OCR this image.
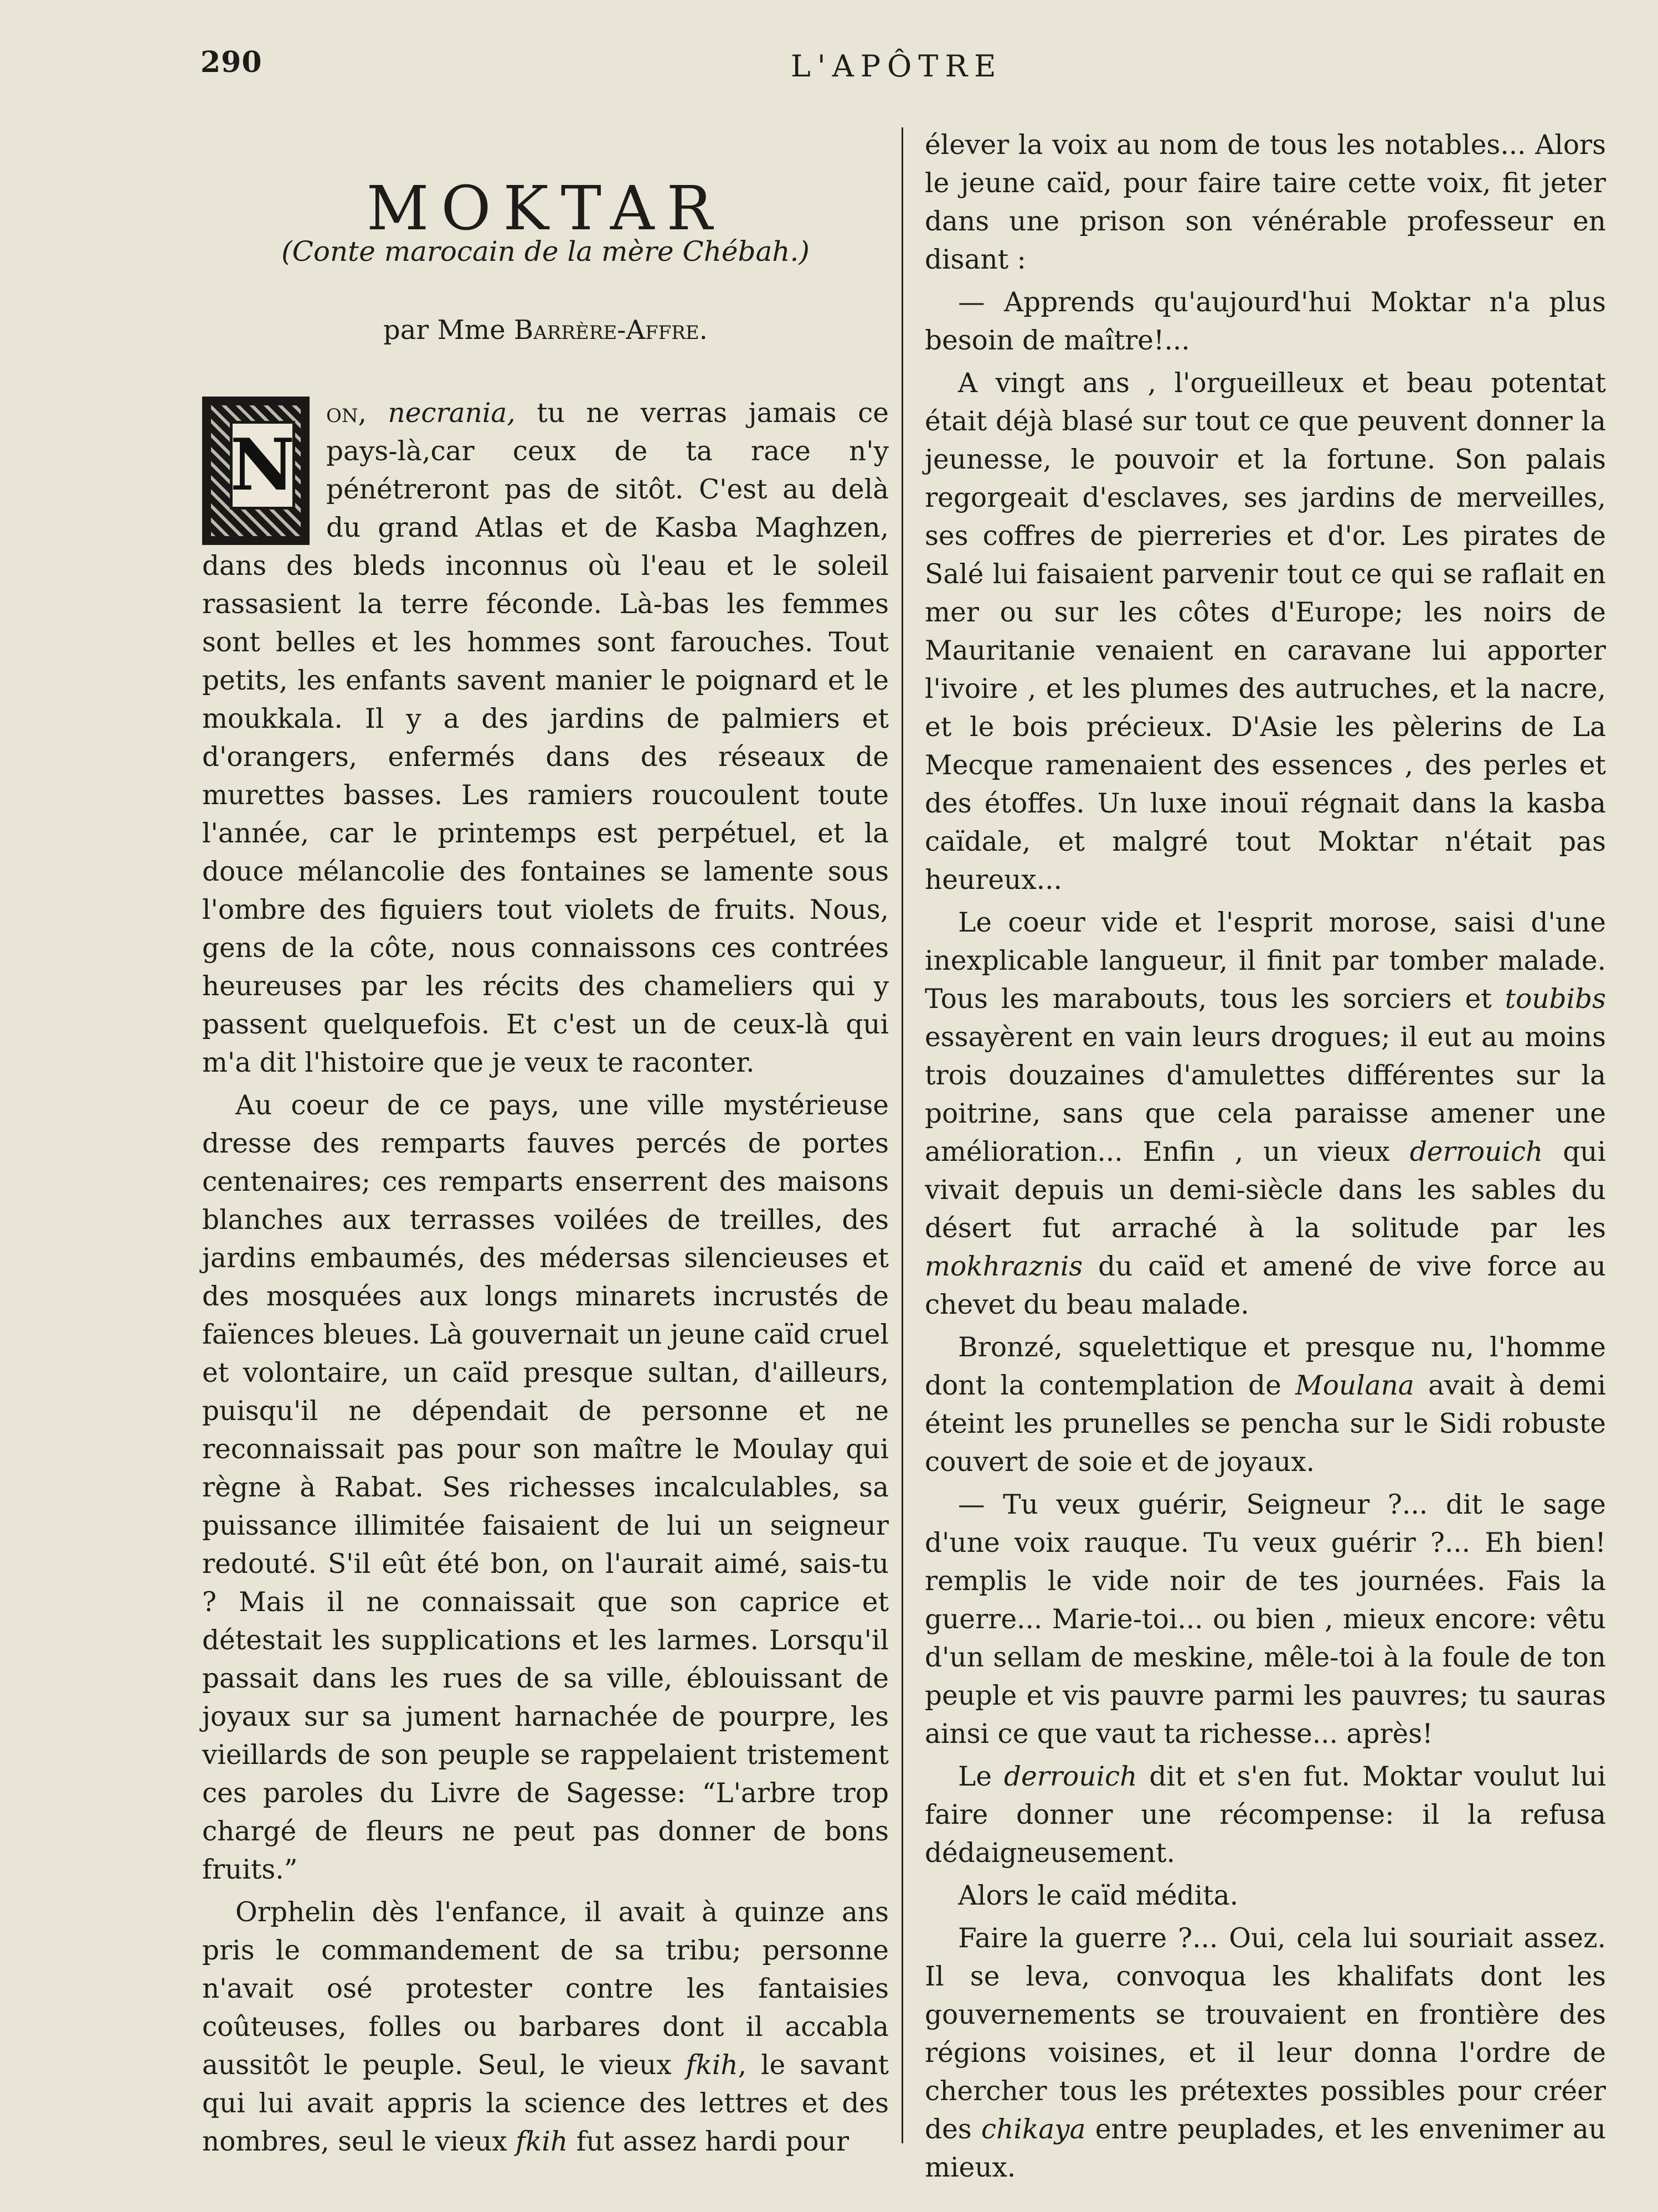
290	L'APÔTRE
MOKTAR
(Conte marocain de la mère Chébah.)
par Mme Barrère-Affre.

N
on, necrania, tu ne verras jamais ce pays-là,car ceux de ta race n'y pénétreront pas de sitôt. C'est au delà du grand Atlas et de Kasba Maghzen, dans des bleds inconnus où l'eau et le soleil rassasient la terre féconde. Là-bas les femmes sont belles et les hommes sont farouches. Tout petits, les enfants savent manier le poignard et le moukkala. Il y a des jardins de palmiers et d'orangers, enfermés dans des réseaux de murettes basses. Les ramiers roucoulent toute l'année, car le printemps est perpétuel, et la douce mélancolie des fontaines se lamente sous l'ombre des figuiers tout violets de fruits. Nous, gens de la côte, nous connaissons ces contrées heureuses par les récits des chameliers qui y passent quelquefois. Et c'est un de ceux-là qui m'a dit l'histoire que je veux te raconter.

Au coeur de ce pays, une ville mystérieuse dresse des remparts fauves percés de portes centenaires; ces remparts enserrent des maisons blanches aux terrasses voilées de treilles, des jardins embaumés, des médersas silencieuses et des mosquées aux longs minarets incrustés de faïences bleues. Là gouvernait un jeune caïd cruel et volontaire, un caïd presque sultan, d'ailleurs, puisqu'il ne dépendait de personne et ne reconnaissait pas pour son maître le Moulay qui règne à Rabat. Ses richesses incalculables, sa puissance illimitée faisaient de lui un seigneur redouté. S'il eût été bon, on l'aurait aimé, sais-tu ? Mais il ne connaissait que son caprice et détestait les supplications et les larmes. Lorsqu'il passait dans les rues de sa ville, éblouissant de joyaux sur sa jument harnachée de pourpre, les vieillards de son peuple se rappelaient tristement ces paroles du Livre de Sagesse: “L'arbre trop chargé de fleurs ne peut pas donner de bons fruits.”

Orphelin dès l'enfance, il avait à quinze ans pris le commandement de sa tribu; personne n'avait osé protester contre les fantaisies coûteuses, folles ou barbares dont il accabla aussitôt le peuple. Seul, le vieux fkih, le savant qui lui avait appris la science des lettres et des nombres, seul le vieux fkih fut assez hardi pour

élever la voix au nom de tous les notables... Alors le jeune caïd, pour faire taire cette voix, fit jeter dans une prison son vénérable professeur en disant :

— Apprends qu'aujourd'hui Moktar n'a plus besoin de maître!...

A vingt ans , l'orgueilleux et beau potentat était déjà blasé sur tout ce que peuvent donner la jeunesse, le pouvoir et la fortune. Son palais regorgeait d'esclaves, ses jardins de merveilles, ses coffres de pierreries et d'or. Les pirates de Salé lui faisaient parvenir tout ce qui se raflait en mer ou sur les côtes d'Europe; les noirs de Mauritanie venaient en caravane lui apporter l'ivoire , et les plumes des autruches, et la nacre, et le bois précieux. D'Asie les pèlerins de La Mecque ramenaient des essences , des perles et des étoffes. Un luxe inouï régnait dans la kasba caïdale, et malgré tout Moktar n'était pas heureux...

Le coeur vide et l'esprit morose, saisi d'une inexplicable langueur, il finit par tomber malade. Tous les marabouts, tous les sorciers et toubibs essayèrent en vain leurs drogues; il eut au moins trois douzaines d'amulettes différentes sur la poitrine, sans que cela paraisse amener une amélioration... Enfin , un vieux derrouich qui vivait depuis un demi-siècle dans les sables du désert fut arraché à la solitude par les mokhraznis du caïd et amené de vive force au chevet du beau malade.

Bronzé, squelettique et presque nu, l'homme dont la contemplation de Moulana avait à demi éteint les prunelles se pencha sur le Sidi robuste couvert de soie et de joyaux.

— Tu veux guérir, Seigneur ?... dit le sage d'une voix rauque. Tu veux guérir ?... Eh bien! remplis le vide noir de tes journées. Fais la guerre... Marie-toi... ou bien , mieux encore: vêtu d'un sellam de meskine, mêle-toi à la foule de ton peuple et vis pauvre parmi les pauvres; tu sauras ainsi ce que vaut ta richesse... après!

Le derrouich dit et s'en fut. Moktar voulut lui faire donner une récompense: il la refusa dédaigneusement.

Alors le caïd médita.

Faire la guerre ?... Oui, cela lui souriait assez. Il se leva, convoqua les khalifats dont les gouvernements se trouvaient en frontière des régions voisines, et il leur donna l'ordre de chercher tous les prétextes possibles pour créer des chikaya entre peuplades, et les envenimer au mieux.
